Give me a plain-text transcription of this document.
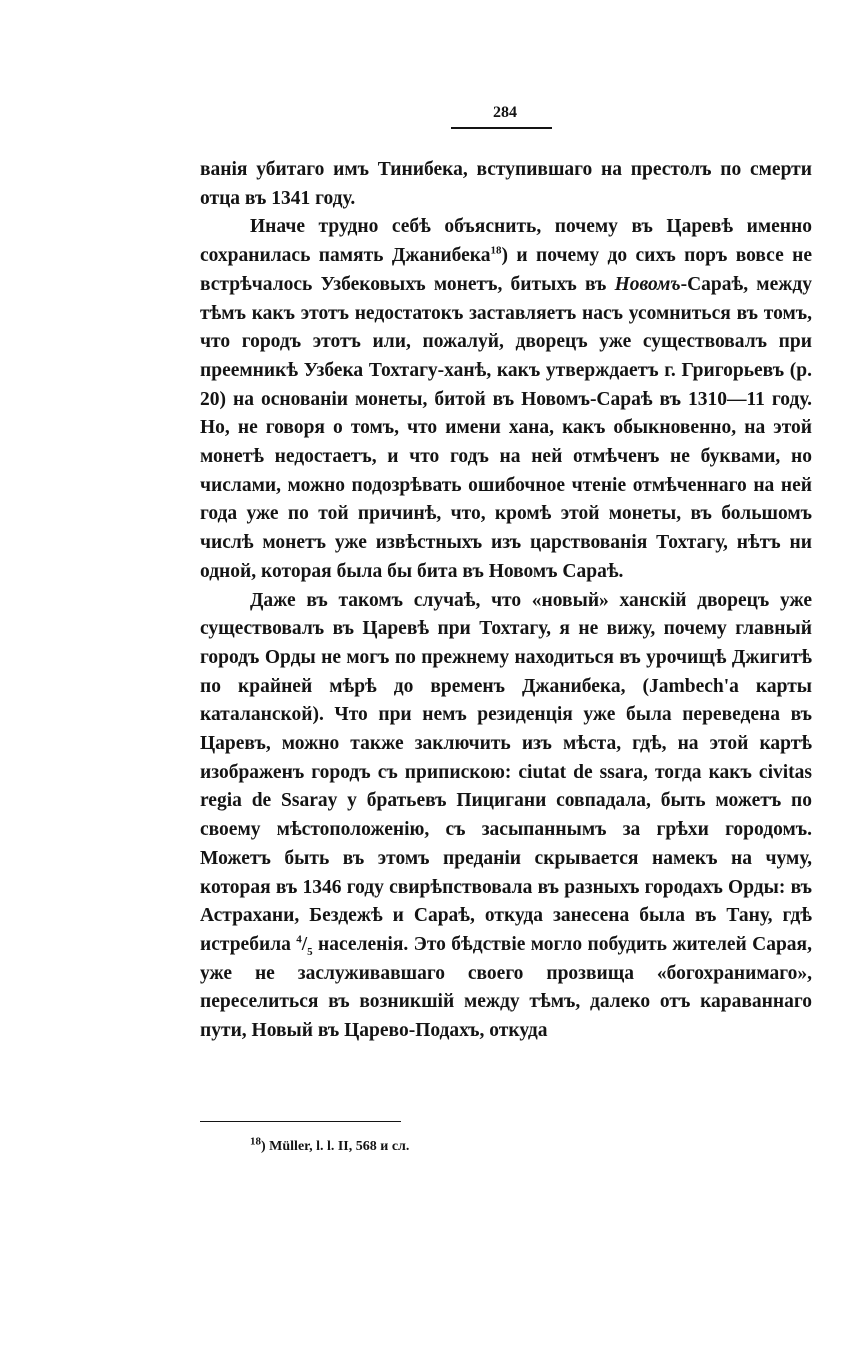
284

ванія убитаго имъ Тинибека, вступившаго на престолъ по смерти отца въ 1341 году.

Иначе трудно себѣ объяснить, почему въ Царевѣ именно сохранилась память Джанибека$^{18}$) и почему до сихъ поръ вовсе не встрѣчалось Узбековыхъ монетъ, битыхъ въ Новомъ-Сараѣ, между тѣмъ какъ этотъ недостатокъ заставляетъ насъ усомниться въ томъ, что городъ этотъ или, пожалуй, дворецъ уже существовалъ при преемникѣ Узбека Тохтагу-ханѣ, какъ утверждаетъ г. Григорьевъ (р. 20) на основаніи монеты, битой въ Новомъ-Сараѣ въ 1310—11 году. Но, не говоря о томъ, что имени хана, какъ обыкновенно, на этой монетѣ недостаетъ, и что годъ на ней отмѣченъ не буквами, но числами, можно подозрѣвать ошибочное чтеніе отмѣченнаго на ней года уже по той причинѣ, что, кромѣ этой монеты, въ большомъ числѣ монетъ уже извѣстныхъ изъ царствованія Тохтагу, нѣтъ ни одной, которая была бы бита въ Новомъ Сараѣ.

Даже въ такомъ случаѣ, что «новый» ханскій дворецъ уже существовалъ въ Царевѣ при Тохтагу, я не вижу, почему главный городъ Орды не могъ по прежнему находиться въ урочищѣ Джигитѣ по крайней мѣрѣ до временъ Джанибека, (Jambech'a карты каталанской). Что при немъ резиденція уже была переведена въ Царевъ, можно также заключить изъ мѣста, гдѣ, на этой картѣ изображенъ городъ съ припискою: ciutat de ssara, тогда какъ civitas regia de Ssaray у братьевъ Пицигани совпадала, быть можетъ по своему мѣстоположенію, съ засыпаннымъ за грѣхи городомъ. Можетъ быть въ этомъ преданіи скрывается намекъ на чуму, которая въ 1346 году свирѣпствовала въ разныхъ городахъ Орды: въ Астрахани, Бездежѣ и Сараѣ, откуда занесена была въ Тану, гдѣ истребила $^4/_5$ населенія. Это бѣдствіе могло побудить жителей Сарая, уже не заслуживавшаго своего прозвища «богохранимаго», переселиться въ возникшій между тѣмъ, далеко отъ караваннаго пути, Новый въ Царево-Подахъ, откуда

$^{18}$) Müller, l. l. II, 568 и сл.
